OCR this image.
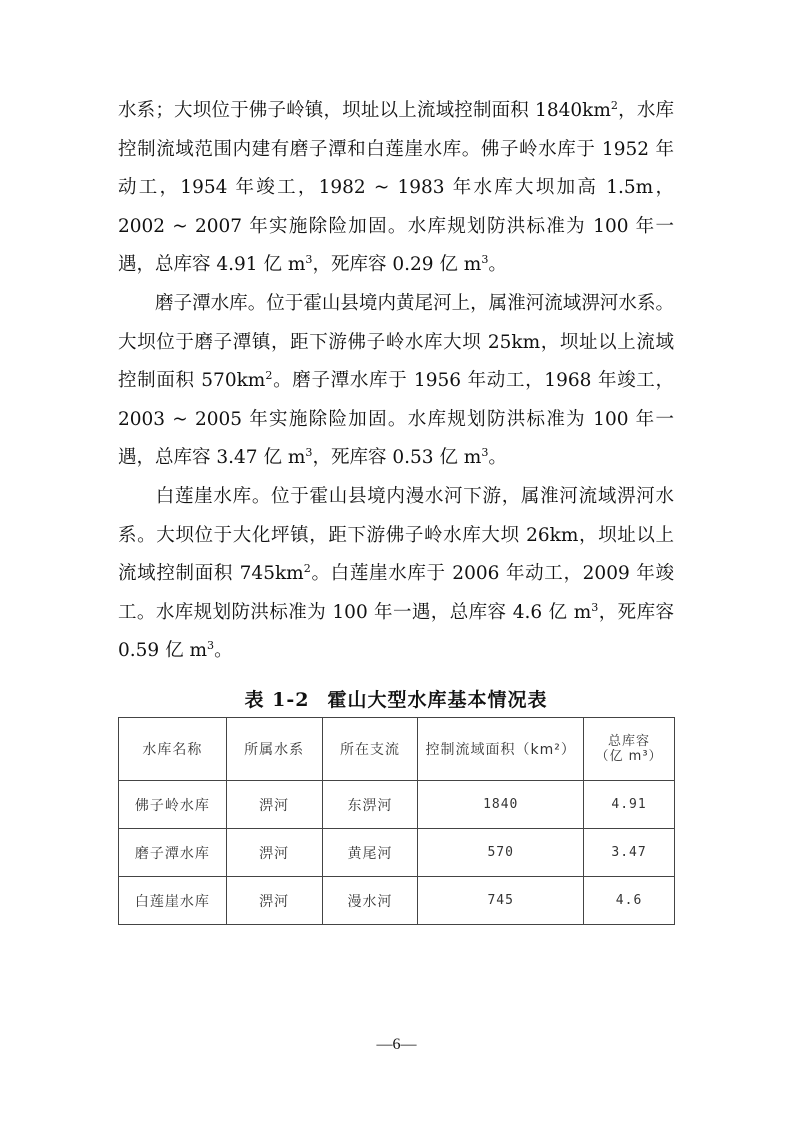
水系；大坝位于佛子岭镇，坝址以上流域控制面积 $1840km^2$，水库控制流域范围内建有磨子潭和白莲崖水库。佛子岭水库于 1952 年动工，1954 年竣工，1982 ~ 1983 年水库大坝加高 1.5m，2002 ~ 2007 年实施除险加固。水库规划防洪标准为 100 年一遇，总库容 4.91 亿 $m^3$，死库容 0.29 亿 $m^3$。

磨子潭水库。位于霍山县境内黄尾河上，属淮河流域淠河水系。大坝位于磨子潭镇，距下游佛子岭水库大坝 25km，坝址以上流域控制面积 $570km^2$。磨子潭水库于 1956 年动工，1968 年竣工，2003 ~ 2005 年实施除险加固。水库规划防洪标准为 100 年一遇，总库容 3.47 亿 $m^3$，死库容 0.53 亿 $m^3$。

白莲崖水库。位于霍山县境内漫水河下游，属淮河流域淠河水系。大坝位于大化坪镇，距下游佛子岭水库大坝 26km，坝址以上流域控制面积 $745km^2$。白莲崖水库于 2006 年动工，2009 年竣工。水库规划防洪标准为 100 年一遇，总库容 4.6 亿 $m^3$，死库容 0.59 亿 $m^3$。

表 1-2 霍山大型水库基本情况表
水库名称	所属水系	所在支流	控制流域面积（km²）	总库容
（亿 m³）

佛子岭水库	淠河	东淠河	1840	4.91
磨子潭水库	淠河	黄尾河	570	3.47
白莲崖水库	淠河	漫水河	745	4.6
—6—
